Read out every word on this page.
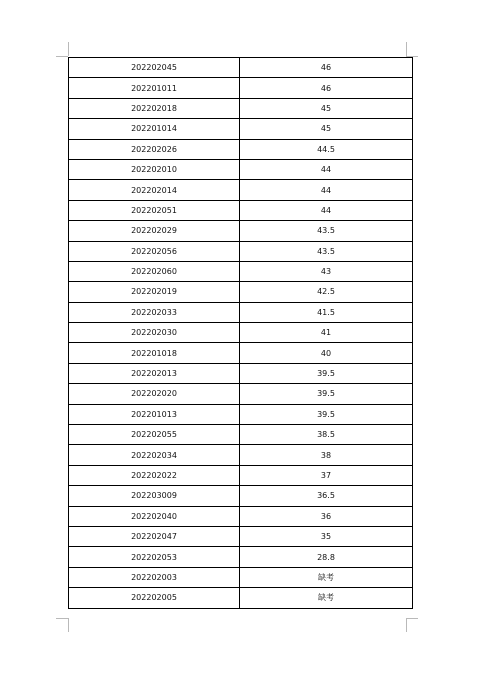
202202045	46
202201011	46
202202018	45
202201014	45
202202026	44.5
202202010	44
202202014	44
202202051	44
202202029	43.5
202202056	43.5
202202060	43
202202019	42.5
202202033	41.5
202202030	41
202201018	40
202202013	39.5
202202020	39.5
202201013	39.5
202202055	38.5
202202034	38
202202022	37
202203009	36.5
202202040	36
202202047	35
202202053	28.8
202202003	缺考
202202005	缺考
